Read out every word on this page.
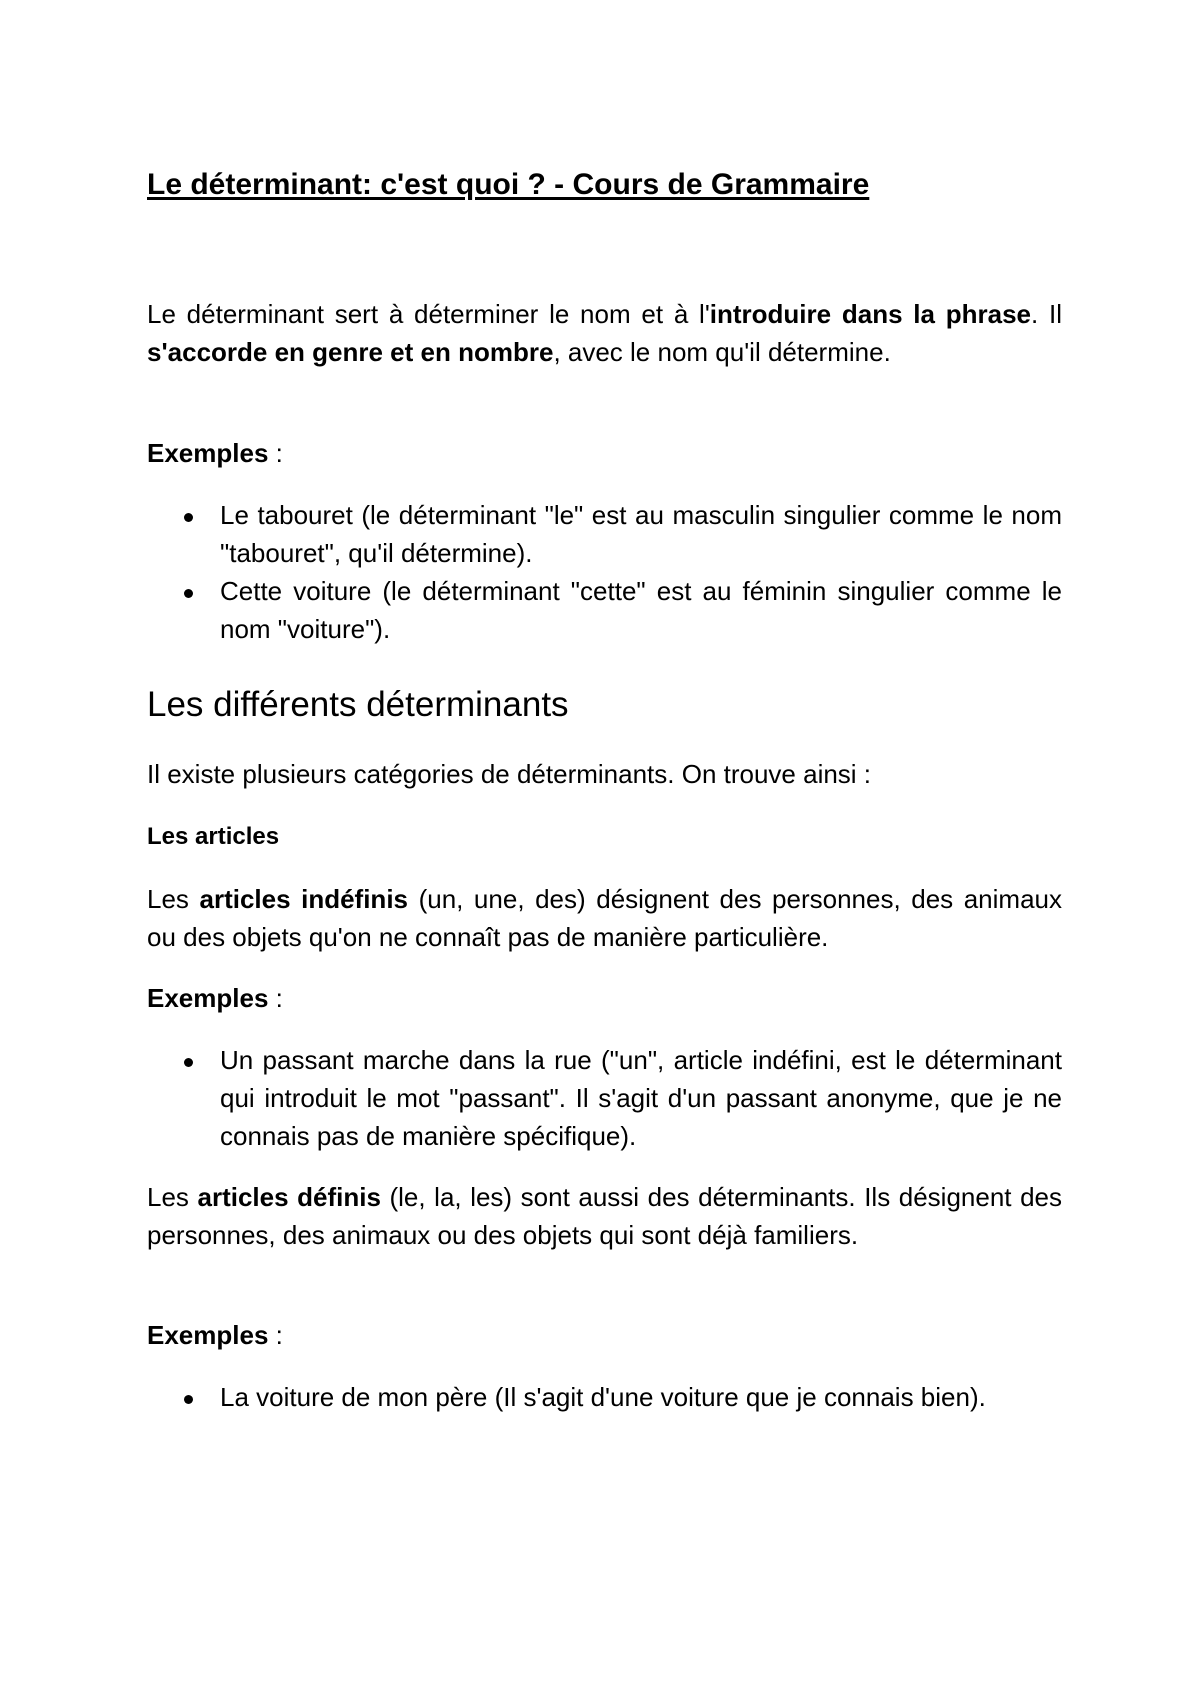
Le déterminant: c'est quoi ? - Cours de Grammaire

Le déterminant sert à déterminer le nom et à l'introduire dans la phrase. Il s'accorde en genre et en nombre, avec le nom qu'il détermine.

Exemples :

Le tabouret (le déterminant "le" est au masculin singulier comme le nom "tabouret", qu'il détermine).
Cette voiture (le déterminant "cette" est au féminin singulier comme le nom "voiture").
Les différents déterminants

Il existe plusieurs catégories de déterminants. On trouve ainsi :

Les articles

Les articles indéfinis (un, une, des) désignent des personnes, des animaux ou des objets qu'on ne connaît pas de manière particulière.

Exemples :

Un passant marche dans la rue ("un", article indéfini, est le déterminant qui introduit le mot "passant". Il s'agit d'un passant anonyme, que je ne connais pas de manière spécifique).

Les articles définis (le, la, les) sont aussi des déterminants. Ils désignent des personnes, des animaux ou des objets qui sont déjà familiers.

Exemples :

La voiture de mon père (Il s'agit d'une voiture que je connais bien).
